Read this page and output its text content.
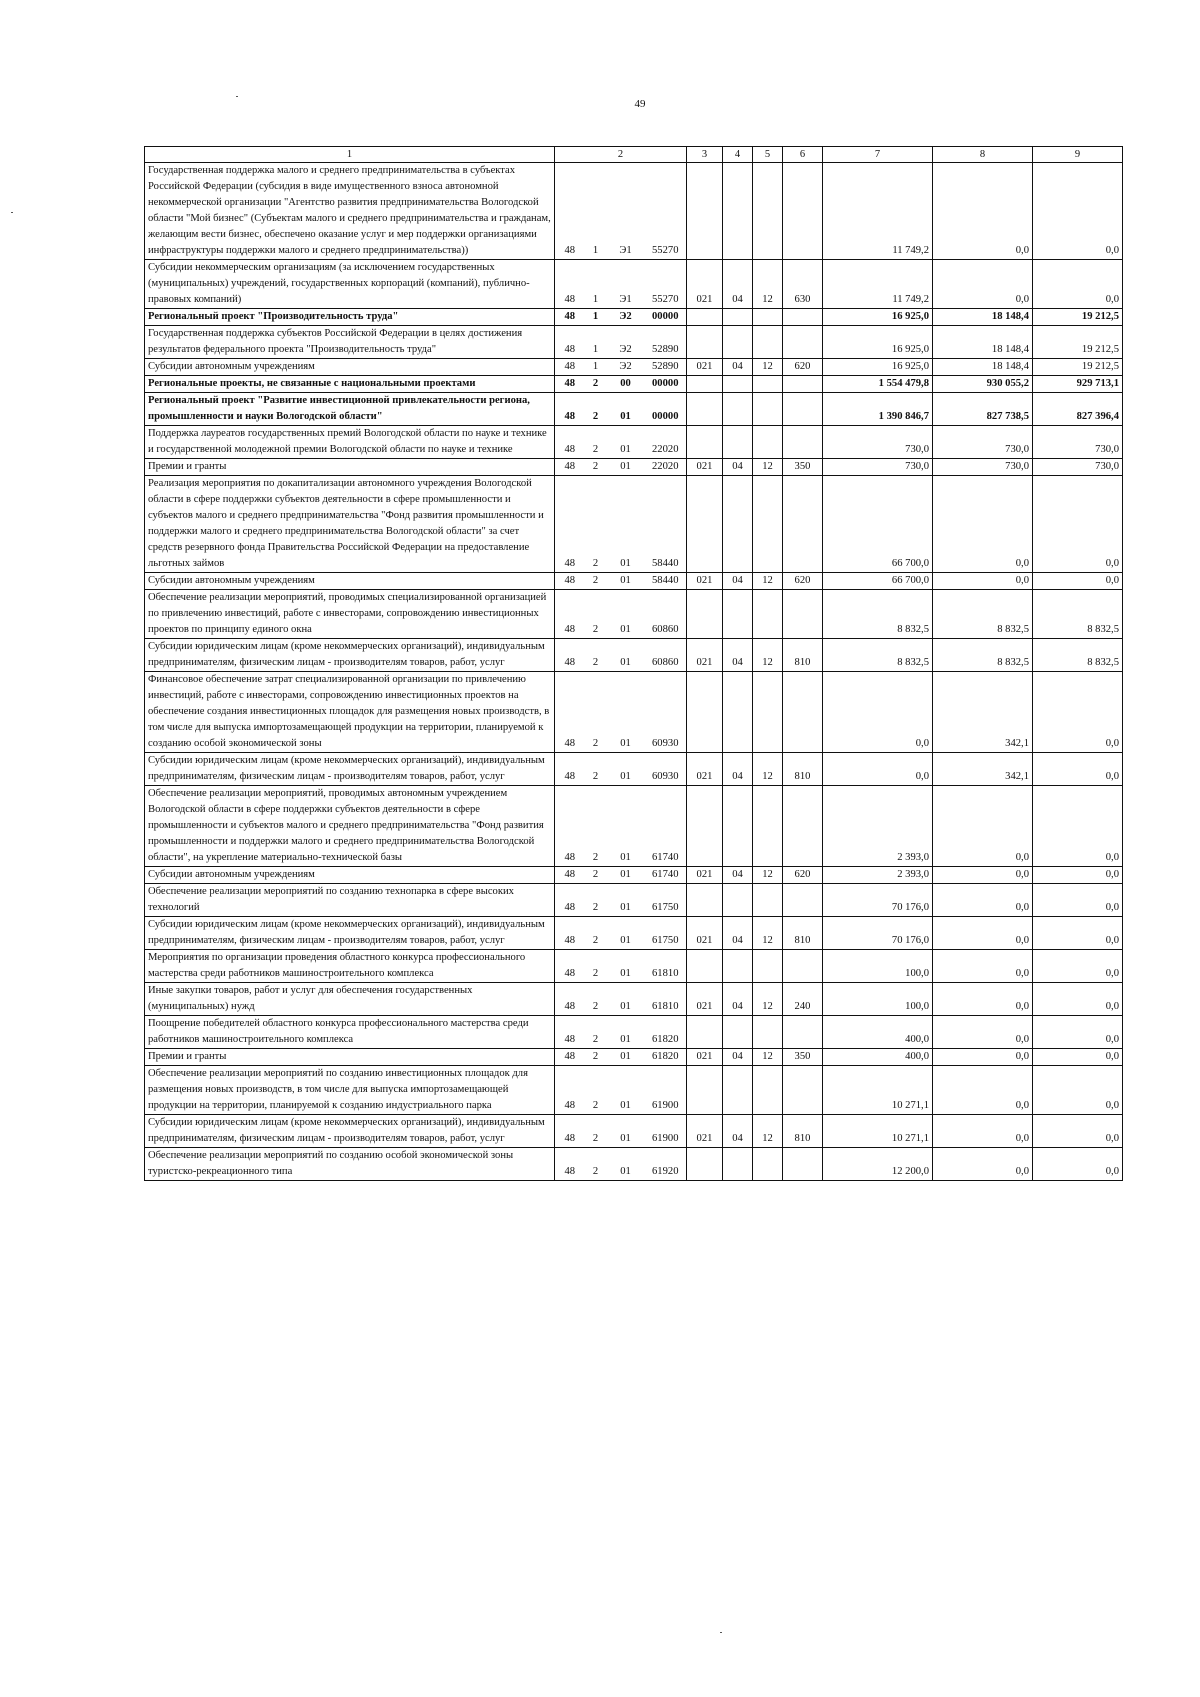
49
1	2				3	4	5	6	7	8	9
Государственная поддержка малого и среднего предпринимательства в субъектах Российской Федерации (субсидия в виде имущественного взноса автономной некоммерческой организации "Агентство развития предпринимательства Вологодской области "Мой бизнес" (Субъектам малого и среднего предпринимательства и гражданам, желающим вести бизнес, обеспечено оказание услуг и мер поддержки организациями инфраструктуры поддержки малого и среднего предпринимательства))	48	1	Э1	55270					11 749,2	0,0	0,0
Субсидии некоммерческим организациям (за исключением государственных (муниципальных) учреждений, государственных корпораций (компаний), публично-правовых компаний)	48	1	Э1	55270	021	04	12	630	11 749,2	0,0	0,0
Региональный проект "Производительность труда"	48	1	Э2	00000					16 925,0	18 148,4	19 212,5
Государственная поддержка субъектов Российской Федерации в целях достижения результатов федерального проекта "Производительность труда"	48	1	Э2	52890					16 925,0	18 148,4	19 212,5
Субсидии автономным учреждениям	48	1	Э2	52890	021	04	12	620	16 925,0	18 148,4	19 212,5
Региональные проекты, не связанные с национальными проектами	48	2	00	00000					1 554 479,8	930 055,2	929 713,1
Региональный проект "Развитие инвестиционной привлекательности региона, промышленности и науки Вологодской области"	48	2	01	00000					1 390 846,7	827 738,5	827 396,4
Поддержка лауреатов государственных премий Вологодской области по науке и технике и государственной молодежной премии Вологодской области по науке и технике	48	2	01	22020					730,0	730,0	730,0
Премии и гранты	48	2	01	22020	021	04	12	350	730,0	730,0	730,0
Реализация мероприятия по докапитализации автономного учреждения Вологодской области в сфере поддержки субъектов деятельности в сфере промышленности и субъектов малого и среднего предпринимательства "Фонд развития промышленности и поддержки малого и среднего предпринимательства Вологодской области" за счет средств резервного фонда Правительства Российской Федерации на предоставление льготных займов	48	2	01	58440					66 700,0	0,0	0,0
Субсидии автономным учреждениям	48	2	01	58440	021	04	12	620	66 700,0	0,0	0,0
Обеспечение реализации мероприятий, проводимых специализированной организацией по привлечению инвестиций, работе с инвесторами, сопровождению инвестиционных проектов по принципу единого окна	48	2	01	60860					8 832,5	8 832,5	8 832,5
Субсидии юридическим лицам (кроме некоммерческих организаций), индивидуальным предпринимателям, физическим лицам - производителям товаров, работ, услуг	48	2	01	60860	021	04	12	810	8 832,5	8 832,5	8 832,5
Финансовое обеспечение затрат специализированной организации по привлечению инвестиций, работе с инвесторами, сопровождению инвестиционных проектов на обеспечение создания инвестиционных площадок для размещения новых производств, в том числе для выпуска импортозамещающей продукции на территории, планируемой к созданию особой экономической зоны	48	2	01	60930					0,0	342,1	0,0
Субсидии юридическим лицам (кроме некоммерческих организаций), индивидуальным предпринимателям, физическим лицам - производителям товаров, работ, услуг	48	2	01	60930	021	04	12	810	0,0	342,1	0,0
Обеспечение реализации мероприятий, проводимых автономным учреждением Вологодской области в сфере поддержки субъектов деятельности в сфере промышленности и субъектов малого и среднего предпринимательства "Фонд развития промышленности и поддержки малого и среднего предпринимательства Вологодской области", на укрепление материально-технической базы	48	2	01	61740					2 393,0	0,0	0,0
Субсидии автономным учреждениям	48	2	01	61740	021	04	12	620	2 393,0	0,0	0,0
Обеспечение реализации мероприятий по созданию технопарка в сфере высоких технологий	48	2	01	61750					70 176,0	0,0	0,0
Субсидии юридическим лицам (кроме некоммерческих организаций), индивидуальным предпринимателям, физическим лицам - производителям товаров, работ, услуг	48	2	01	61750	021	04	12	810	70 176,0	0,0	0,0
Мероприятия по организации проведения областного конкурса профессионального мастерства среди работников машиностроительного комплекса	48	2	01	61810					100,0	0,0	0,0
Иные закупки товаров, работ и услуг для обеспечения государственных (муниципальных) нужд	48	2	01	61810	021	04	12	240	100,0	0,0	0,0
Поощрение победителей областного конкурса профессионального мастерства среди работников машиностроительного комплекса	48	2	01	61820					400,0	0,0	0,0
Премии и гранты	48	2	01	61820	021	04	12	350	400,0	0,0	0,0
Обеспечение реализации мероприятий по созданию инвестиционных площадок для размещения новых производств, в том числе для выпуска импортозамещающей продукции на территории, планируемой к созданию индустриального парка	48	2	01	61900					10 271,1	0,0	0,0
Субсидии юридическим лицам (кроме некоммерческих организаций), индивидуальным предпринимателям, физическим лицам - производителям товаров, работ, услуг	48	2	01	61900	021	04	12	810	10 271,1	0,0	0,0
Обеспечение реализации мероприятий по созданию особой экономической зоны туристско-рекреационного типа	48	2	01	61920					12 200,0	0,0	0,0
